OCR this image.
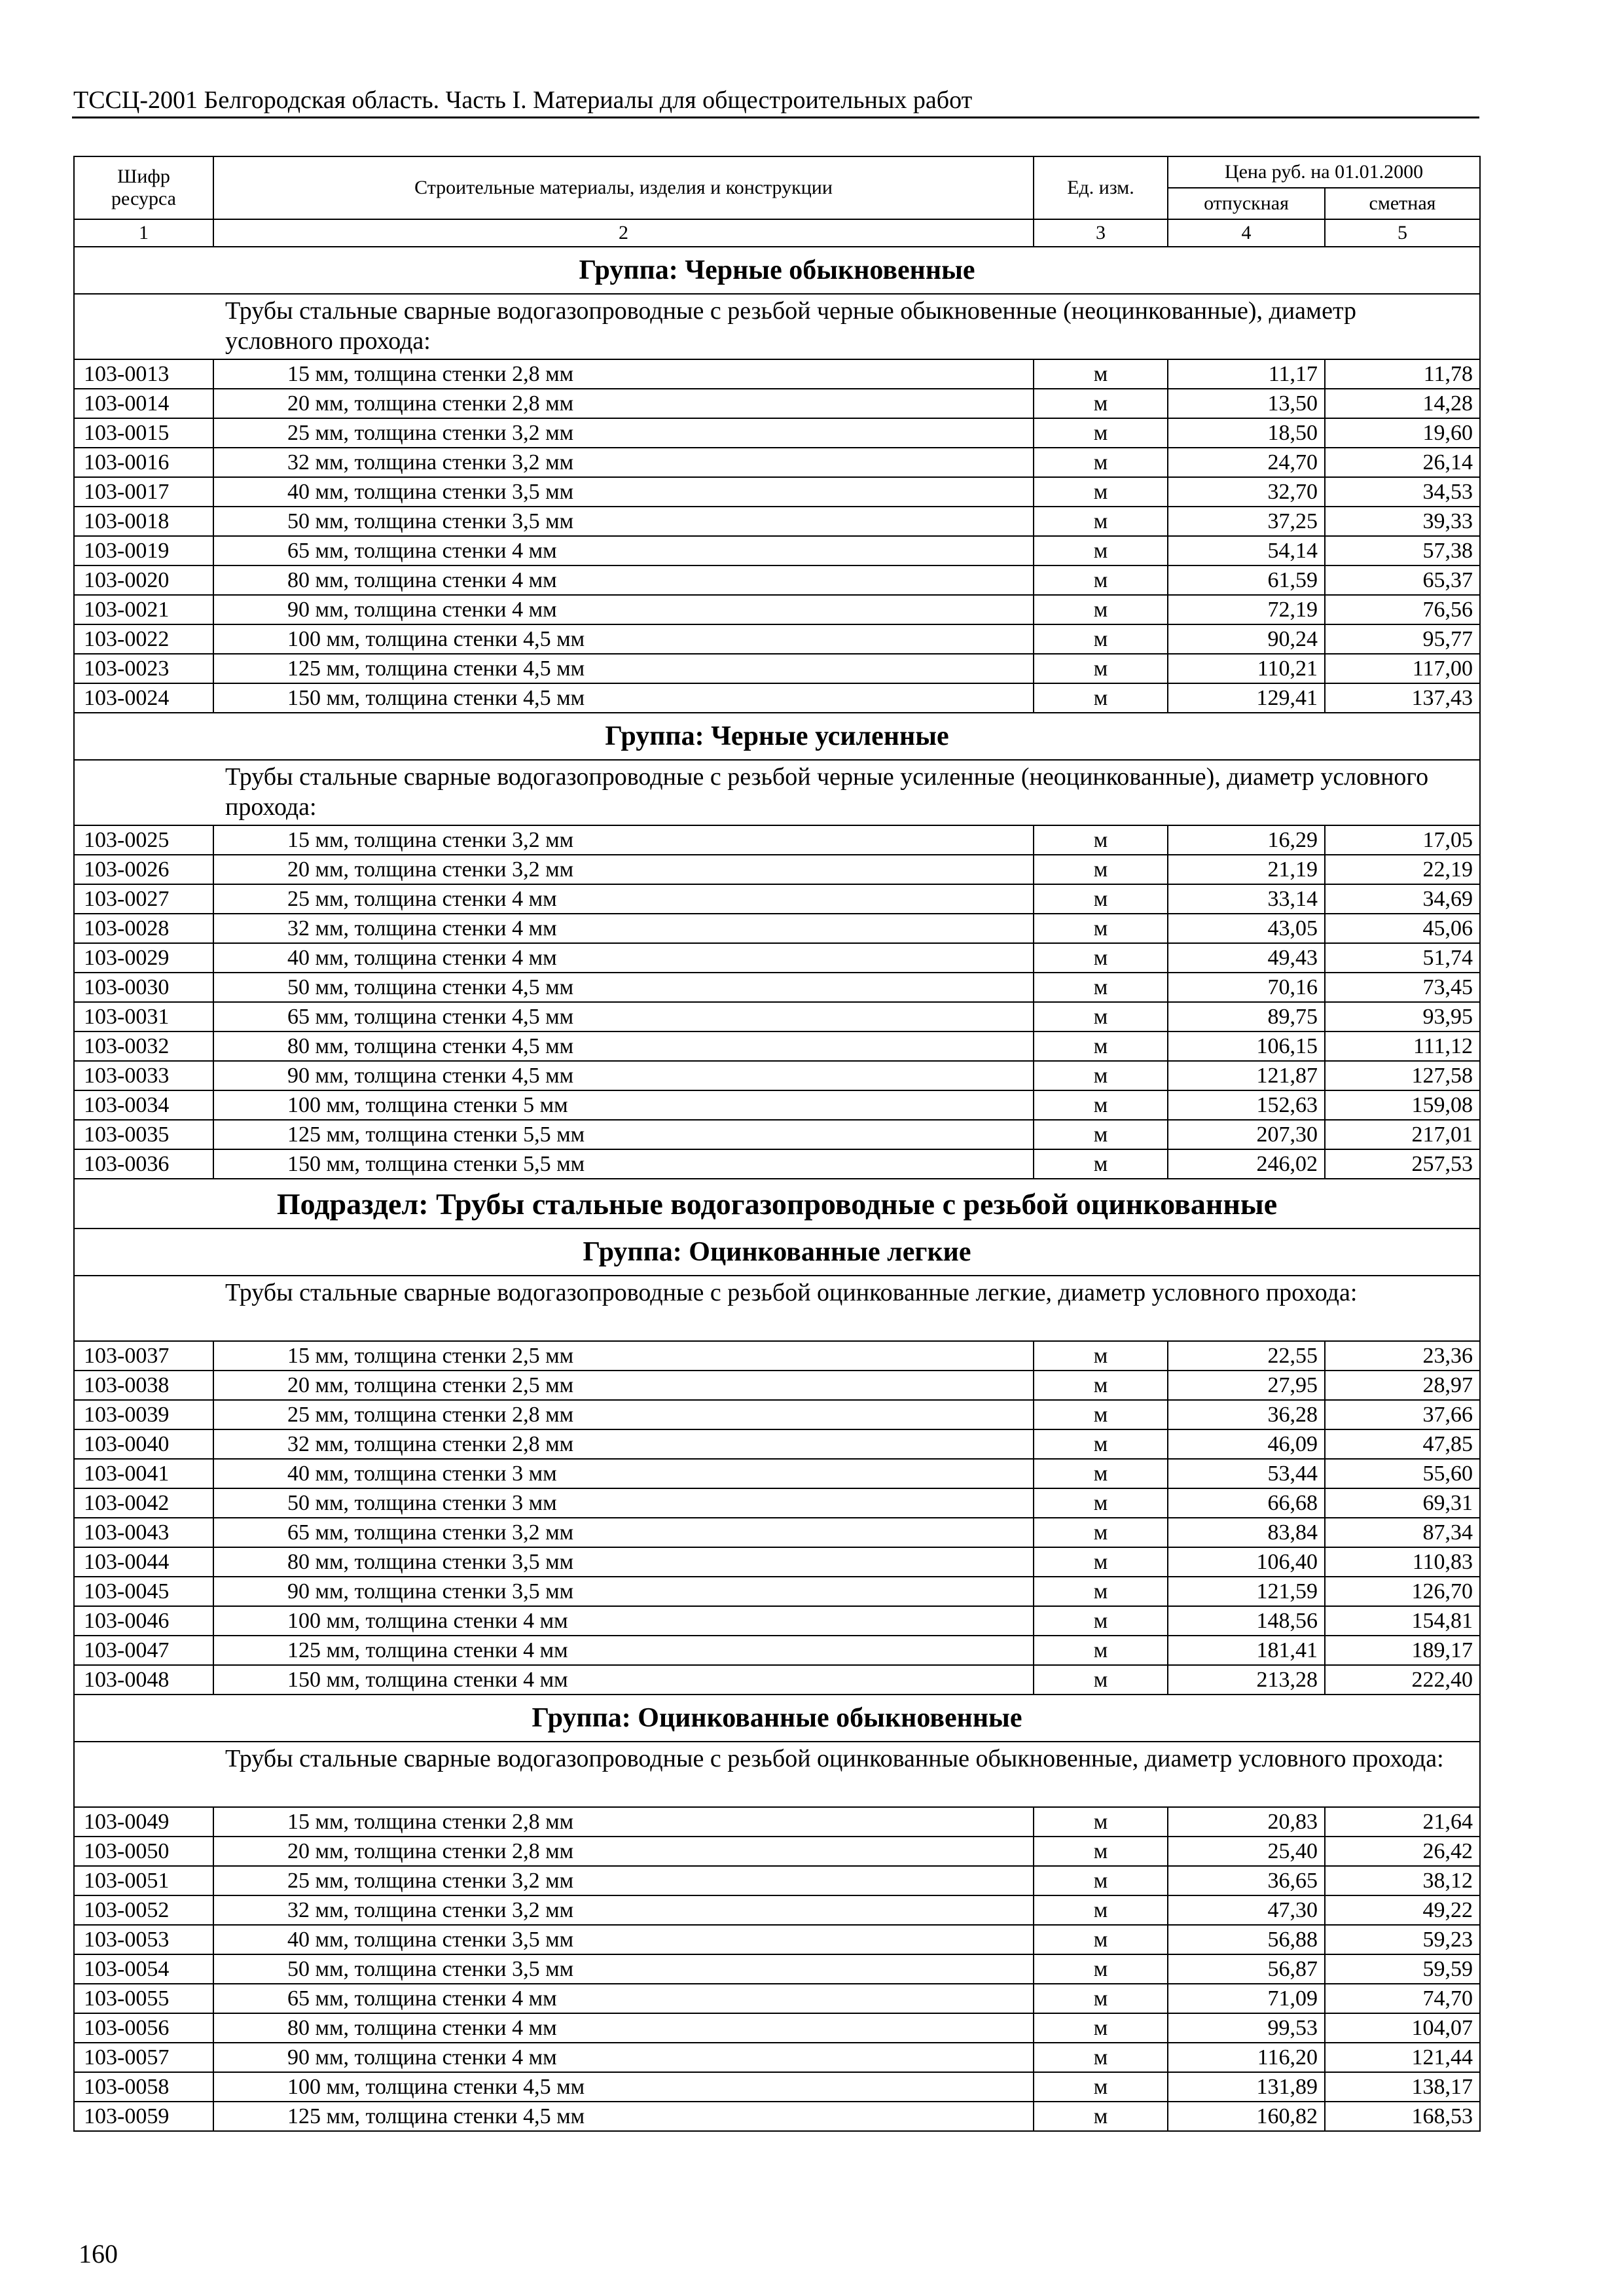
ТССЦ-2001 Белгородская область. Часть I. Материалы для общестроительных работ
Шифр ресурса	Строительные материалы, изделия и конструкции	Ед. изм.	Цена руб. на 01.01.2000	
			отпускная	сметная
1	2	3	4	5
Группа: Черные обыкновенные				
Трубы стальные сварные водогазопроводные с резьбой черные обыкновенные (неоцинкованные), диаметр условного прохода:				
103-0013	15 мм, толщина стенки 2,8 мм	м	11,17	11,78
103-0014	20 мм, толщина стенки 2,8 мм	м	13,50	14,28
103-0015	25 мм, толщина стенки 3,2 мм	м	18,50	19,60
103-0016	32 мм, толщина стенки 3,2 мм	м	24,70	26,14
103-0017	40 мм, толщина стенки 3,5 мм	м	32,70	34,53
103-0018	50 мм, толщина стенки 3,5 мм	м	37,25	39,33
103-0019	65 мм, толщина стенки 4 мм	м	54,14	57,38
103-0020	80 мм, толщина стенки 4 мм	м	61,59	65,37
103-0021	90 мм, толщина стенки 4 мм	м	72,19	76,56
103-0022	100 мм, толщина стенки 4,5 мм	м	90,24	95,77
103-0023	125 мм, толщина стенки 4,5 мм	м	110,21	117,00
103-0024	150 мм, толщина стенки 4,5 мм	м	129,41	137,43
Группа: Черные усиленные				
Трубы стальные сварные водогазопроводные с резьбой черные усиленные (неоцинкованные), диаметр условного прохода:				
103-0025	15 мм, толщина стенки 3,2 мм	м	16,29	17,05
103-0026	20 мм, толщина стенки 3,2 мм	м	21,19	22,19
103-0027	25 мм, толщина стенки 4 мм	м	33,14	34,69
103-0028	32 мм, толщина стенки 4 мм	м	43,05	45,06
103-0029	40 мм, толщина стенки 4 мм	м	49,43	51,74
103-0030	50 мм, толщина стенки 4,5 мм	м	70,16	73,45
103-0031	65 мм, толщина стенки 4,5 мм	м	89,75	93,95
103-0032	80 мм, толщина стенки 4,5 мм	м	106,15	111,12
103-0033	90 мм, толщина стенки 4,5 мм	м	121,87	127,58
103-0034	100 мм, толщина стенки 5 мм	м	152,63	159,08
103-0035	125 мм, толщина стенки 5,5 мм	м	207,30	217,01
103-0036	150 мм, толщина стенки 5,5 мм	м	246,02	257,53
Подраздел: Трубы стальные водогазопроводные с резьбой оцинкованные				
Группа: Оцинкованные легкие				
Трубы стальные сварные водогазопроводные с резьбой оцинкованные легкие, диаметр условного прохода:				
103-0037	15 мм, толщина стенки 2,5 мм	м	22,55	23,36
103-0038	20 мм, толщина стенки 2,5 мм	м	27,95	28,97
103-0039	25 мм, толщина стенки 2,8 мм	м	36,28	37,66
103-0040	32 мм, толщина стенки 2,8 мм	м	46,09	47,85
103-0041	40 мм, толщина стенки 3 мм	м	53,44	55,60
103-0042	50 мм, толщина стенки 3 мм	м	66,68	69,31
103-0043	65 мм, толщина стенки 3,2 мм	м	83,84	87,34
103-0044	80 мм, толщина стенки 3,5 мм	м	106,40	110,83
103-0045	90 мм, толщина стенки 3,5 мм	м	121,59	126,70
103-0046	100 мм, толщина стенки 4 мм	м	148,56	154,81
103-0047	125 мм, толщина стенки 4 мм	м	181,41	189,17
103-0048	150 мм, толщина стенки 4 мм	м	213,28	222,40
Группа: Оцинкованные обыкновенные				
Трубы стальные сварные водогазопроводные с резьбой оцинкованные обыкновенные, диаметр условного прохода:				
103-0049	15 мм, толщина стенки 2,8 мм	м	20,83	21,64
103-0050	20 мм, толщина стенки 2,8 мм	м	25,40	26,42
103-0051	25 мм, толщина стенки 3,2 мм	м	36,65	38,12
103-0052	32 мм, толщина стенки 3,2 мм	м	47,30	49,22
103-0053	40 мм, толщина стенки 3,5 мм	м	56,88	59,23
103-0054	50 мм, толщина стенки 3,5 мм	м	56,87	59,59
103-0055	65 мм, толщина стенки 4 мм	м	71,09	74,70
103-0056	80 мм, толщина стенки 4 мм	м	99,53	104,07
103-0057	90 мм, толщина стенки 4 мм	м	116,20	121,44
103-0058	100 мм, толщина стенки 4,5 мм	м	131,89	138,17
103-0059	125 мм, толщина стенки 4,5 мм	м	160,82	168,53
160
